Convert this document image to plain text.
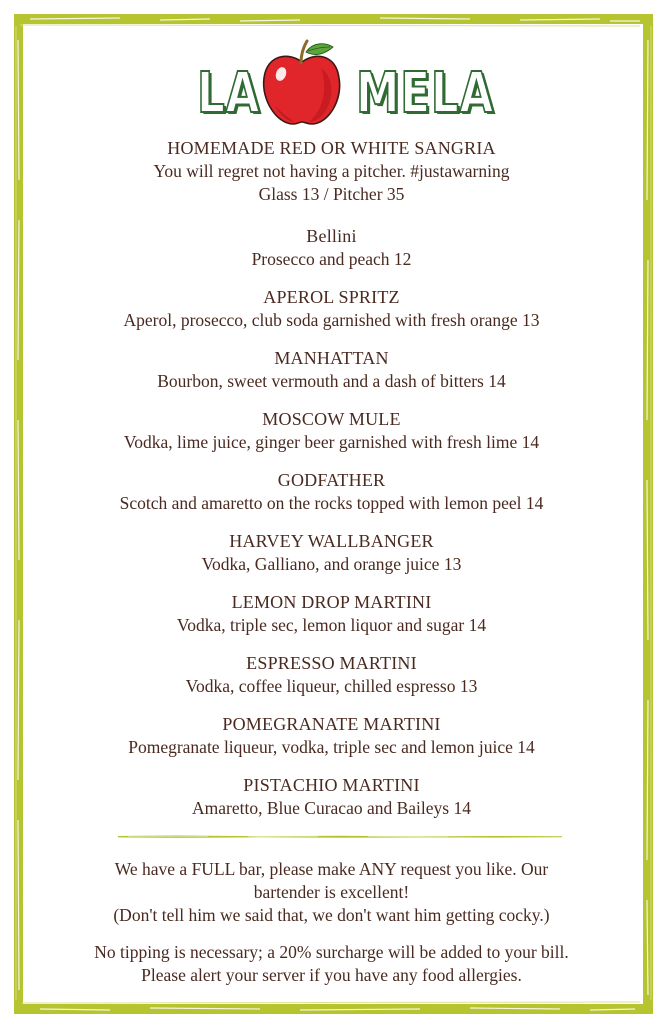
LA MELA
HOMEMADE RED OR WHITE SANGRIA
You will regret not having a pitcher. #justawarning
Glass 13 / Pitcher 35
Bellini
Prosecco and peach 12
APEROL SPRITZ
Aperol, prosecco, club soda garnished with fresh orange 13
MANHATTAN
Bourbon, sweet vermouth and a dash of bitters 14
MOSCOW MULE
Vodka, lime juice, ginger beer garnished with fresh lime 14
GODFATHER
Scotch and amaretto on the rocks topped with lemon peel 14
HARVEY WALLBANGER
Vodka, Galliano, and orange juice 13
LEMON DROP MARTINI
Vodka, triple sec, lemon liquor and sugar 14
ESPRESSO MARTINI
Vodka, coffee liqueur, chilled espresso 13
POMEGRANATE MARTINI
Pomegranate liqueur, vodka, triple sec and lemon juice 14
PISTACHIO MARTINI
Amaretto, Blue Curacao and Baileys 14

We have a FULL bar, please make ANY request you like. Our

bartender is excellent!

(Don't tell him we said that, we don't want him getting cocky.)

No tipping is necessary; a 20% surcharge will be added to your bill.

Please alert your server if you have any food allergies.
